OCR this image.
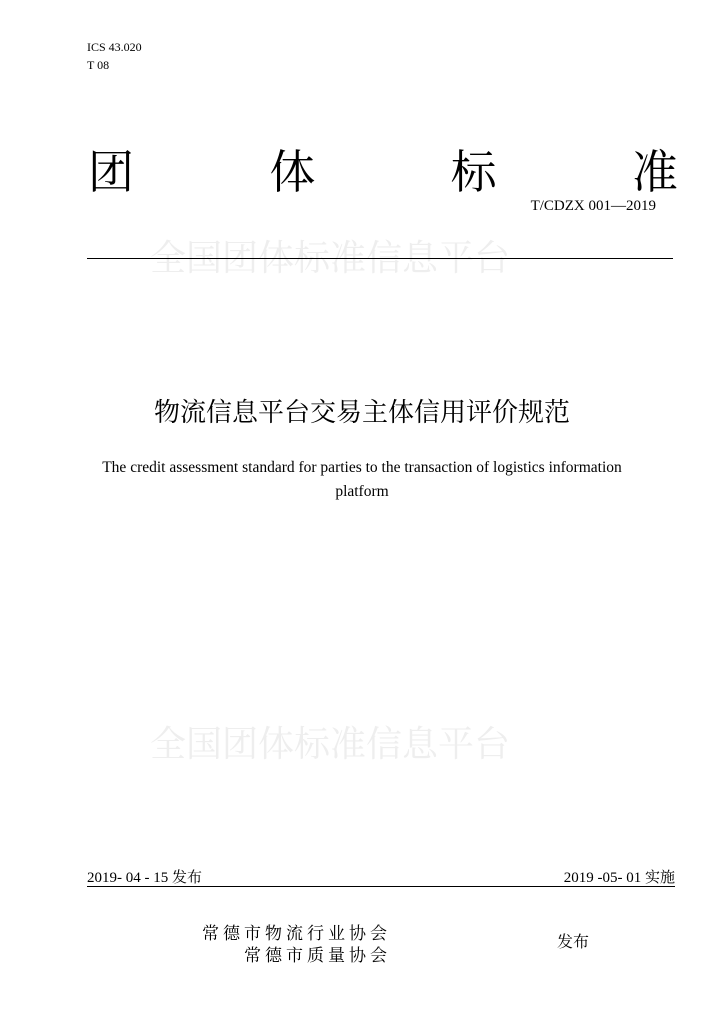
ICS 43.020
T 08
全国团体标准信息平台
全国团体标准信息平台
团	体	标	准
T/CDZX 001—2019
物流信息平台交易主体信用评价规范
The credit assessment standard for parties to the transaction of logistics information
platform
2019- 04 - 15 发布	2019 -05- 01 实施
常德市物流行业协会
常德市质量协会
发布
